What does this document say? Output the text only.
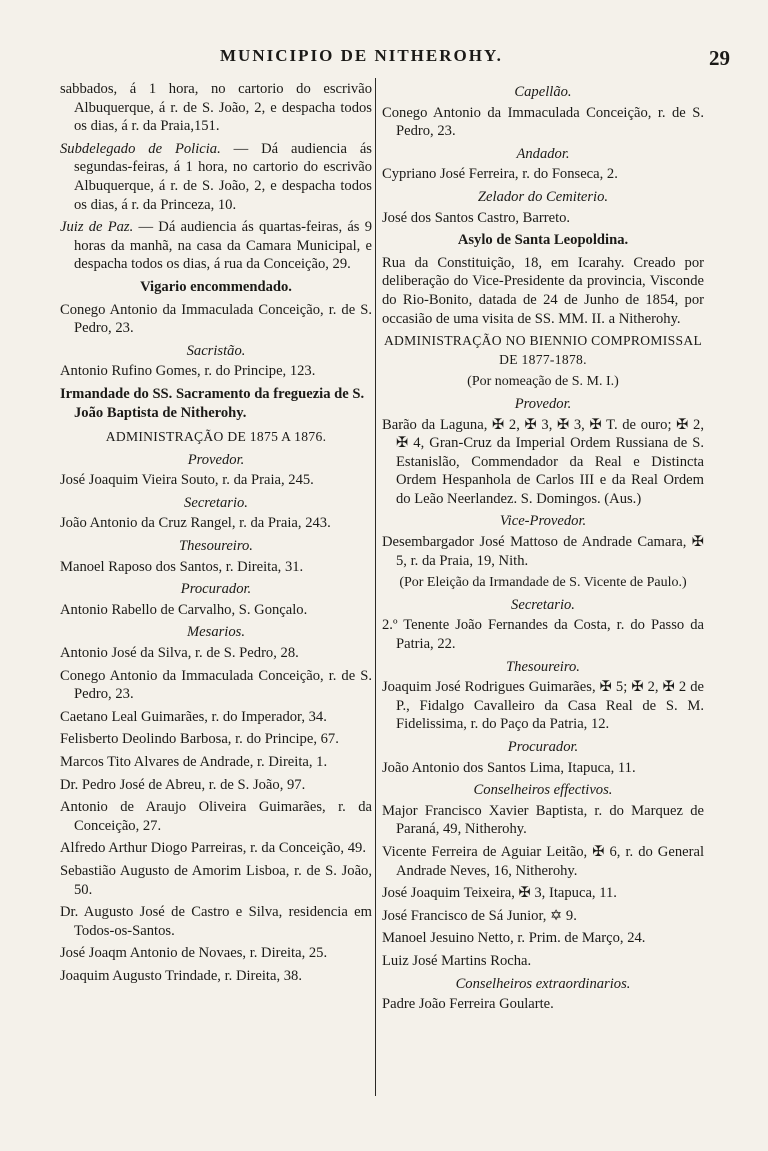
MUNICIPIO DE NITHEROHY.	29
sabbados, á 1 hora, no cartorio do escrivão Albuquerque, á r. de S. João, 2, e despacha todos os dias, á r. da Praia,151.
Subdelegado de Policia. — Dá audiencia ás segundas-feiras, á 1 hora, no cartorio do escrivão Albuquerque, á r. de S. João, 2, e despacha todos os dias, á r. da Princeza, 10.
Juiz de Paz. — Dá audiencia ás quartas-feiras, ás 9 horas da manhã, na casa da Camara Municipal, e despacha todos os dias, á rua da Conceição, 29.
Vigario encommendado.
Conego Antonio da Immaculada Conceição, r. de S. Pedro, 23.
Sacristão.
Antonio Rufino Gomes, r. do Principe, 123.
Irmandade do SS. Sacramento da freguezia de S. João Baptista de Nitherohy.
ADMINISTRAÇÃO DE 1875 A 1876.
Provedor.
José Joaquim Vieira Souto, r. da Praia, 245.
Secretario.
João Antonio da Cruz Rangel, r. da Praia, 243.
Thesoureiro.
Manoel Raposo dos Santos, r. Direita, 31.
Procurador.
Antonio Rabello de Carvalho, S. Gonçalo.
Mesarios.
Antonio José da Silva, r. de S. Pedro, 28.
Conego Antonio da Immaculada Conceição, r. de S. Pedro, 23.
Caetano Leal Guimarães, r. do Imperador, 34.
Felisberto Deolindo Barbosa, r. do Principe, 67.
Marcos Tito Alvares de Andrade, r. Direita, 1.
Dr. Pedro José de Abreu, r. de S. João, 97.
Antonio de Araujo Oliveira Guimarães, r. da Conceição, 27.
Alfredo Arthur Diogo Parreiras, r. da Conceição, 49.
Sebastião Augusto de Amorim Lisboa, r. de S. João, 50.
Dr. Augusto José de Castro e Silva, residencia em Todos-os-Santos.
José Joaqm Antonio de Novaes, r. Direita, 25.
Joaquim Augusto Trindade, r. Direita, 38.
Capellão.
Conego Antonio da Immaculada Conceição, r. de S. Pedro, 23.
Andador.
Cypriano José Ferreira, r. do Fonseca, 2.
Zelador do Cemiterio.
José dos Santos Castro, Barreto.
Asylo de Santa Leopoldina.
Rua da Constituição, 18, em Icarahy. Creado por deliberação do Vice-Presidente da provincia, Visconde do Rio-Bonito, datada de 24 de Junho de 1854, por occasião de uma visita de SS. MM. II. a Nitherohy.
ADMINISTRAÇÃO NO BIENNIO COMPROMISSAL DE 1877-1878.
(Por nomeação de S. M. I.)
Provedor.
Barão da Laguna, ✠ 2, ✠ 3, ✠ 3, ✠ T. de ouro; ✠ 2, ✠ 4, Gran-Cruz da Imperial Ordem Russiana de S. Estanislão, Commendador da Real e Distincta Ordem Hespanhola de Carlos III e da Real Ordem do Leão Neerlandez. S. Domingos. (Aus.)
Vice-Provedor.
Desembargador José Mattoso de Andrade Camara, ✠ 5, r. da Praia, 19, Nith.
(Por Eleição da Irmandade de S. Vicente de Paulo.)
Secretario.
2.º Tenente João Fernandes da Costa, r. do Passo da Patria, 22.
Thesoureiro.
Joaquim José Rodrigues Guimarães, ✠ 5; ✠ 2, ✠ 2 de P., Fidalgo Cavalleiro da Casa Real de S. M. Fidelissima, r. do Paço da Patria, 12.
Procurador.
João Antonio dos Santos Lima, Itapuca, 11.
Conselheiros effectivos.
Major Francisco Xavier Baptista, r. do Marquez de Paraná, 49, Nitherohy.
Vicente Ferreira de Aguiar Leitão, ✠ 6, r. do General Andrade Neves, 16, Nitherohy.
José Joaquim Teixeira, ✠ 3, Itapuca, 11.
José Francisco de Sá Junior, ✡ 9.
Manoel Jesuino Netto, r. Prim. de Março, 24.
Luiz José Martins Rocha.
Conselheiros extraordinarios.
Padre João Ferreira Goularte.
